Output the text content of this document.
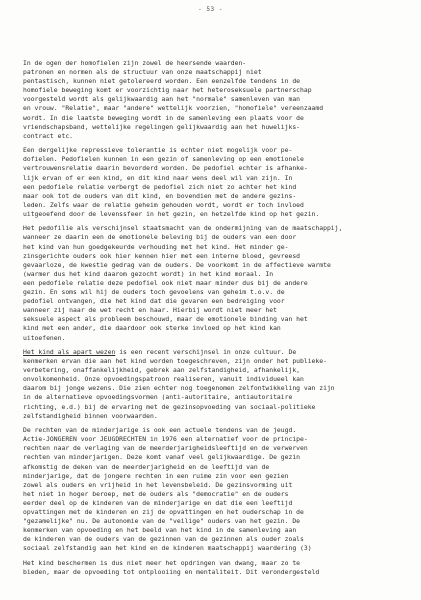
- 53 -
In de ogen der homofielen zijn zowel de heersende waarden-
patronen en normen als de structuur van onze maatschappij niet
pentastisch, kunnen niet getolereerd worden. Een eenzelfde tendens in de
homofiele beweging komt er voorzichtig naar het heteroseksuele partnerschap
voorgesteld wordt als gelijkwaardig aan het "normale" samenleven van man
en vrouw. "Relatie", maar "andere" wettelijk voorzien, "homofiele" vereenzaamd
wordt. In die laatste beweging wordt in de samenleving een plaats voor de
vriendschapsband, wettelijke regelingen gelijkwaardig aan het huwelijks-
contract etc.
Een dergelijke repressieve tolerantie is echter niet mogelijk voor pe-
dofielen. Pedofielen kunnen in een gezin of samenleving op een emotionele
vertrouwensrelatie daarin bevorderd worden. De pedofiel echter is afhanke-
lijk ervan of er een kind, en dit kind naar wens deel wil van zijn. In
een pedofiele relatie verbergt de pedofiel zich niet zo achter het kind
maar ook tot de ouders van dit kind, en bovendien met de andere gezins-
leden. Zelfs waar de relatie geheim gehouden wordt, wordt er toch invloed
uitgeoefend door de levenssfeer in het gezin, en hetzelfde kind op het gezin.
Het pedofilie als verschijnsel staatsmacht van de ondermijning van de maatschappij,
wanneer ze daarin een de emotionele beleving bij de ouders van een door
het kind van hun goedgekeurde verhouding met het kind. Het minder ge-
zinsgerichte ouders ook hier kennen hier met een interne bloed, gevreesd
gevaarloze, de kwestie gedrag van de ouders. De voorkomt in de affectieve warmte
(warmer dus het kind daarom gezocht wordt) in het kind moraal. In
een pedofiele relatie deze pedofiel ook niet maar minder dus bij de andere
gezin. En soms wil hij de ouders toch gevoelens van geheim t.o.v. de
pedofiel ontvangen, die het kind dat die gevaren een bedreiging voor
wanneer zij naar de wet recht en haar. Hierbij wordt niet meer het
seksuele aspect als probleem beschouwd, maar de emotionele binding van het
kind met een ander, die daardoor ook sterke invloed op het kind kan
uitoefenen.
Het kind als apart wezen is een recent verschijnsel in onze cultuur. De
kenmerken ervan die aan het kind worden toegeschreven, zijn onder het publieke-
verbetering, onaffankelijkheid, gebrek aan zelfstandigheid, afhankelijk,
onvolkomenheid. Onze opvoedingspatroon realiseren, vanuit individueel kan
daarom bij jonge wezens. Die zien echter nog toegenomen zelfontwikkeling van zijn
in de alternatieve opvoedingsvormen (anti-autoritaire, antiautoritaire
richting, e.d.) bij de ervaring met de gezinsopvoeding van sociaal-politieke
zelfstandigheid binnen voorwaarden.
De rechten van de minderjarige is ook een actuele tendens van de jeugd.
Actie-JONGEREN voor JEUGDRECHTEN in 1976 een alternatief voor de principe-
rechten naar de verlaging van de meerderjarigheidsleeftijd en de verwerven
rechten van minderjarigen. Deze komt vanaf veel gelijkwaardige. De gezin
afkomstig de deken van de meerderjarigheid en de leeftijd van de
minderjarige, dat de jongere rechten in een ruime zin voor een gezien
zowel als ouders en vrijheid in het levensbeleid. De gezinsvorming uit
het niet in hoger beroep, met de ouders als "democratie" en de ouders
eerder deel op de kinderen van de minderjarige en dat die een leeftijd
opvattingen met de kinderen en zij de opvattingen en het ouderschap in de
"gezamelijke" nu. De autonomie van de "veilige" ouders van het gezin. De
kenmerken van opvoeding en het beeld van het kind in de samenleving aan
de kinderen van de ouders van de gezinnen van de gezinnen als ouder zoals
sociaal zelfstandig aan het kind en de kinderen maatschappij waardering (3)
Het kind beschermen is dus niet meer het opdringen van dwang, maar zo te
bieden, maar de opvoeding tot ontplooiing en mentaliteit. Dit verondergesteld
